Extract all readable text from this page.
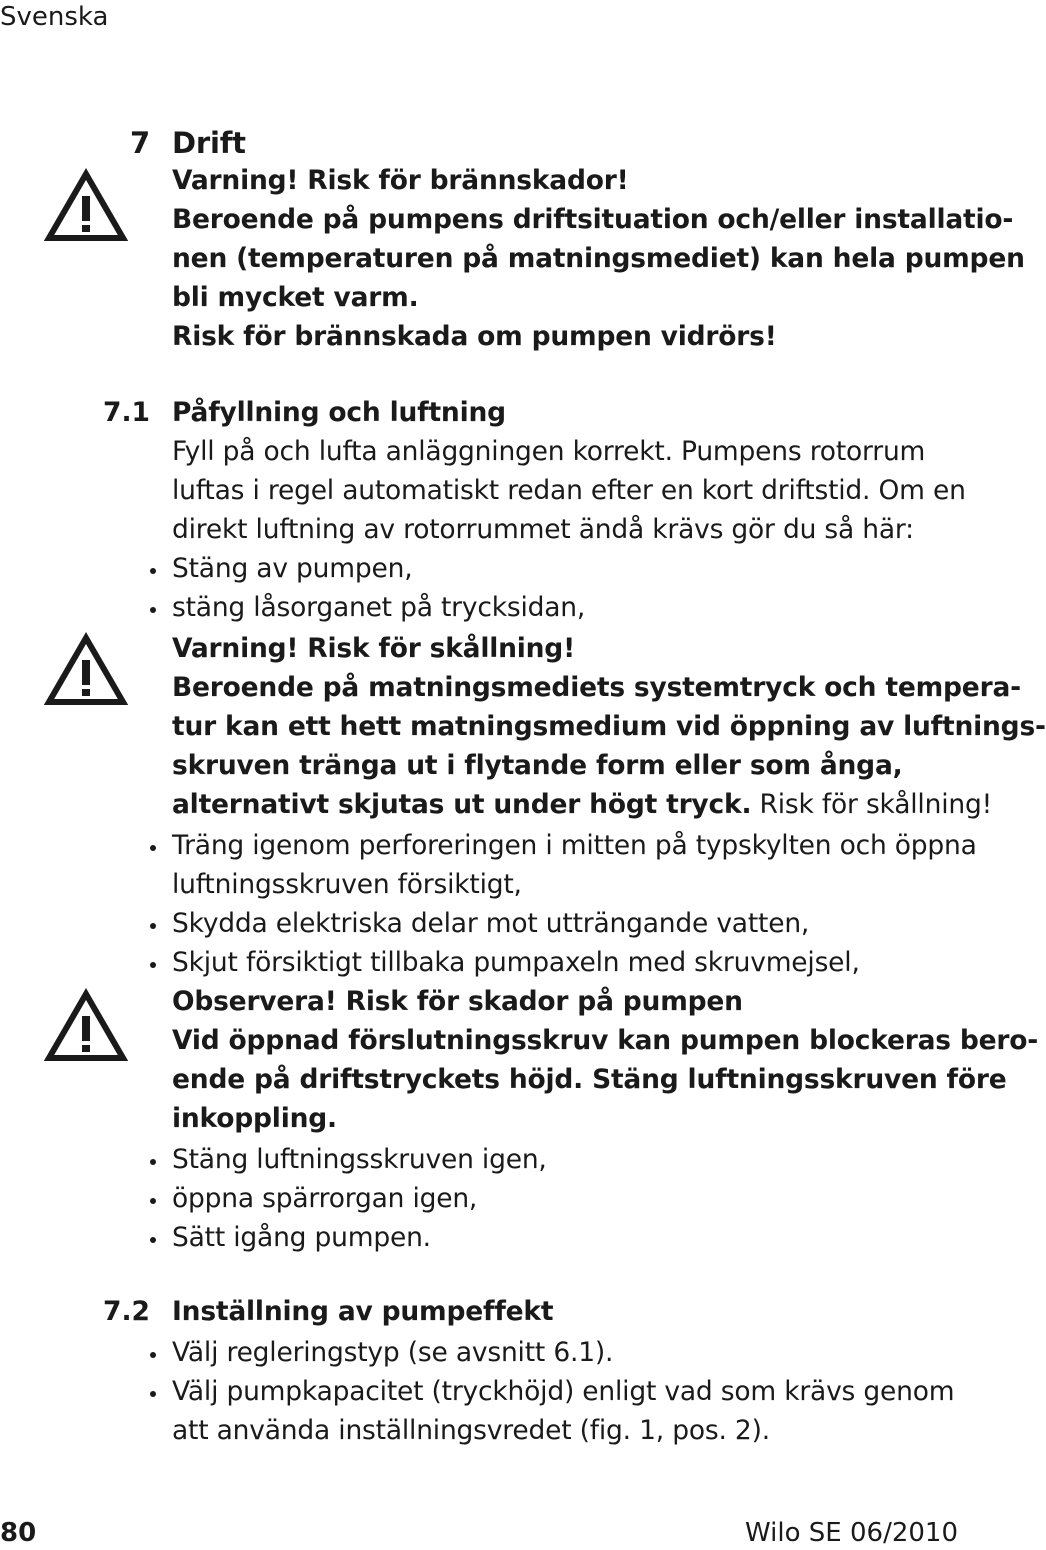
Svenska
7 Drift
Varning! Risk för brännskador!
Beroende på pumpens driftsituation och/eller installatio-
nen (temperaturen på matningsmediet) kan hela pumpen
bli mycket varm.
Risk för brännskada om pumpen vidrörs!
7.1 Påfyllning och luftning
Fyll på och lufta anläggningen korrekt. Pumpens rotorrum
luftas i regel automatiskt redan efter en kort driftstid. Om en
direkt luftning av rotorrummet ändå krävs gör du så här:
Stäng av pumpen,
stäng låsorganet på trycksidan,
Varning! Risk för skållning!
Beroende på matningsmediets systemtryck och tempera-
tur kan ett hett matningsmedium vid öppning av luftnings-
skruven tränga ut i flytande form eller som ånga,
alternativt skjutas ut under högt tryck. Risk för skållning!
Träng igenom perforeringen i mitten på typskylten och öppna
luftningsskruven försiktigt,
Skydda elektriska delar mot utträngande vatten,
Skjut försiktigt tillbaka pumpaxeln med skruvmejsel,
Observera! Risk för skador på pumpen
Vid öppnad förslutningsskruv kan pumpen blockeras bero-
ende på driftstryckets höjd. Stäng luftningsskruven före
inkoppling.
Stäng luftningsskruven igen,
öppna spärrorgan igen,
Sätt igång pumpen.
7.2 Inställning av pumpeffekt
Välj regleringstyp (se avsnitt 6.1).
Välj pumpkapacitet (tryckhöjd) enligt vad som krävs genom
att använda inställningsvredet (fig. 1, pos. 2).
80	Wilo SE 06/2010
